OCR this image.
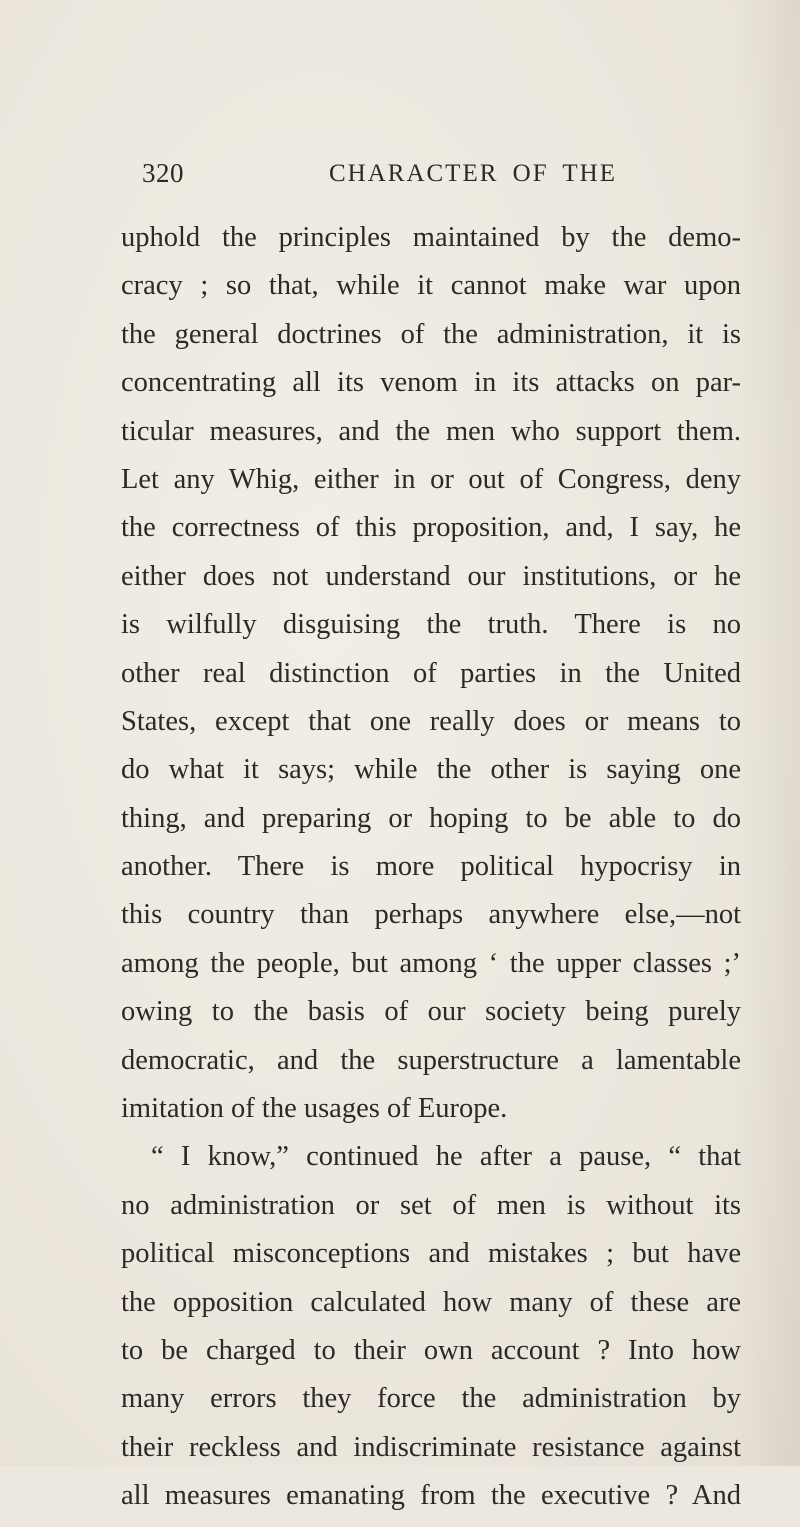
320	CHARACTER OF THE
uphold the principles maintained by the demo-
cracy ; so that, while it cannot make war upon
the general doctrines of the administration, it is
concentrating all its venom in its attacks on par-
ticular measures, and the men who support them.
Let any Whig, either in or out of Congress, deny
the correctness of this proposition, and, I say, he
either does not understand our institutions, or he
is wilfully disguising the truth. There is no
other real distinction of parties in the United
States, except that one really does or means to
do what it says; while the other is saying one
thing, and preparing or hoping to be able to do
another. There is more political hypocrisy in
this country than perhaps anywhere else,—not
among the people, but among ‘ the upper classes ;’
owing to the basis of our society being purely
democratic, and the superstructure a lamentable
imitation of the usages of Europe.
“ I know,” continued he after a pause, “ that
no administration or set of men is without its
political misconceptions and mistakes ; but have
the opposition calculated how many of these are
to be charged to their own account ? Into how
many errors they force the administration by
their reckless and indiscriminate resistance against
all measures emanating from the executive ? And
